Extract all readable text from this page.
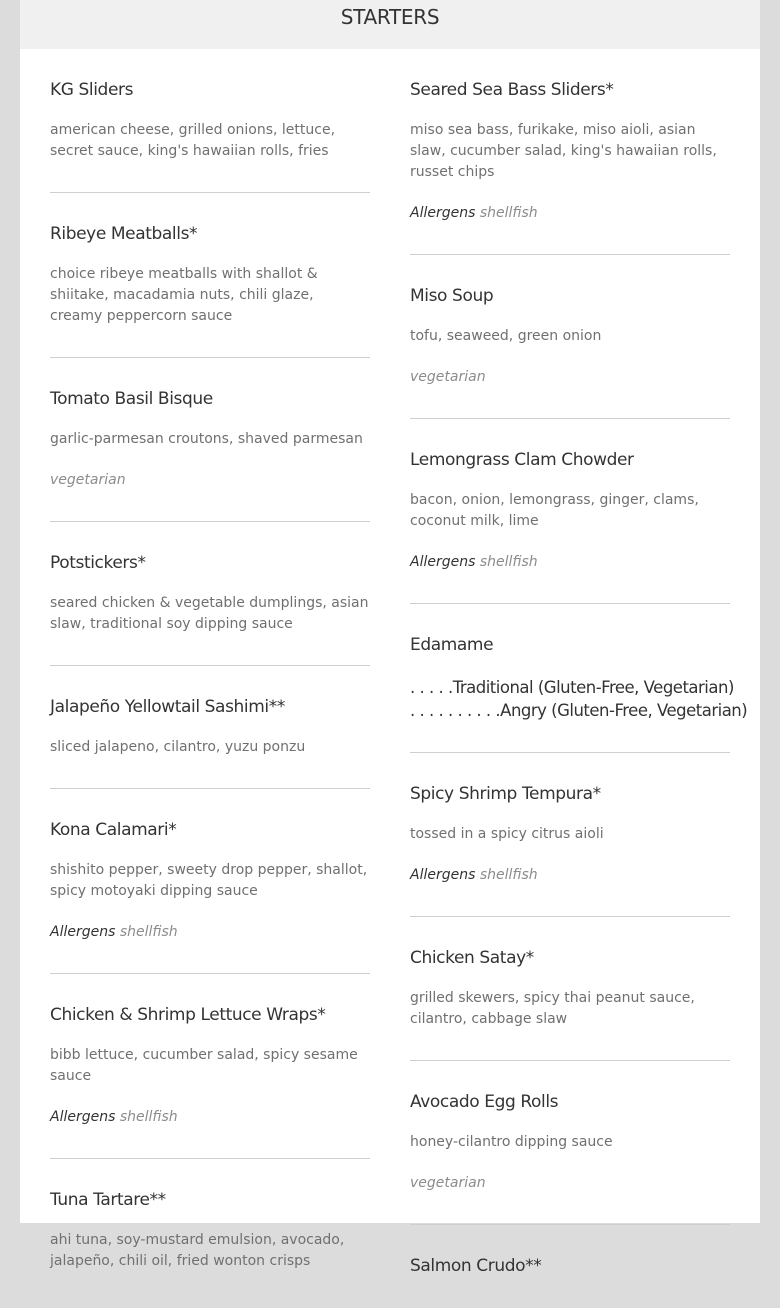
STARTERS
KG Sliders
american cheese, grilled onions, lettuce, secret sauce, king's hawaiian rolls, fries
Ribeye Meatballs*
choice ribeye meatballs with shallot & shiitake, macadamia nuts, chili glaze, creamy peppercorn sauce
Tomato Basil Bisque
garlic-parmesan croutons, shaved parmesan
vegetarian
Potstickers*
seared chicken & vegetable dumplings, asian slaw, traditional soy dipping sauce
Jalapeño Yellowtail Sashimi**
sliced jalapeno, cilantro, yuzu ponzu
Kona Calamari*
shishito pepper, sweety drop pepper, shallot, spicy motoyaki dipping sauce
Allergens shellfish
Chicken & Shrimp Lettuce Wraps*
bibb lettuce, cucumber salad, spicy sesame sauce
Allergens shellfish
Tuna Tartare**
ahi tuna, soy-mustard emulsion, avocado, jalapeño, chili oil, fried wonton crisps
Seared Sea Bass Sliders*
miso sea bass, furikake, miso aioli, asian slaw, cucumber salad, king's hawaiian rolls, russet chips
Allergens shellfish
Miso Soup
tofu, seaweed, green onion
vegetarian
Lemongrass Clam Chowder
bacon, onion, lemongrass, ginger, clams, coconut milk, lime
Allergens shellfish
Edamame
. . . . .Traditional (Gluten-Free, Vegetarian)
. . . . . . . . . .Angry (Gluten-Free, Vegetarian)
Spicy Shrimp Tempura*
tossed in a spicy citrus aioli
Allergens shellfish
Chicken Satay*
grilled skewers, spicy thai peanut sauce, cilantro, cabbage slaw
Avocado Egg Rolls
honey-cilantro dipping sauce
vegetarian
Salmon Crudo**
